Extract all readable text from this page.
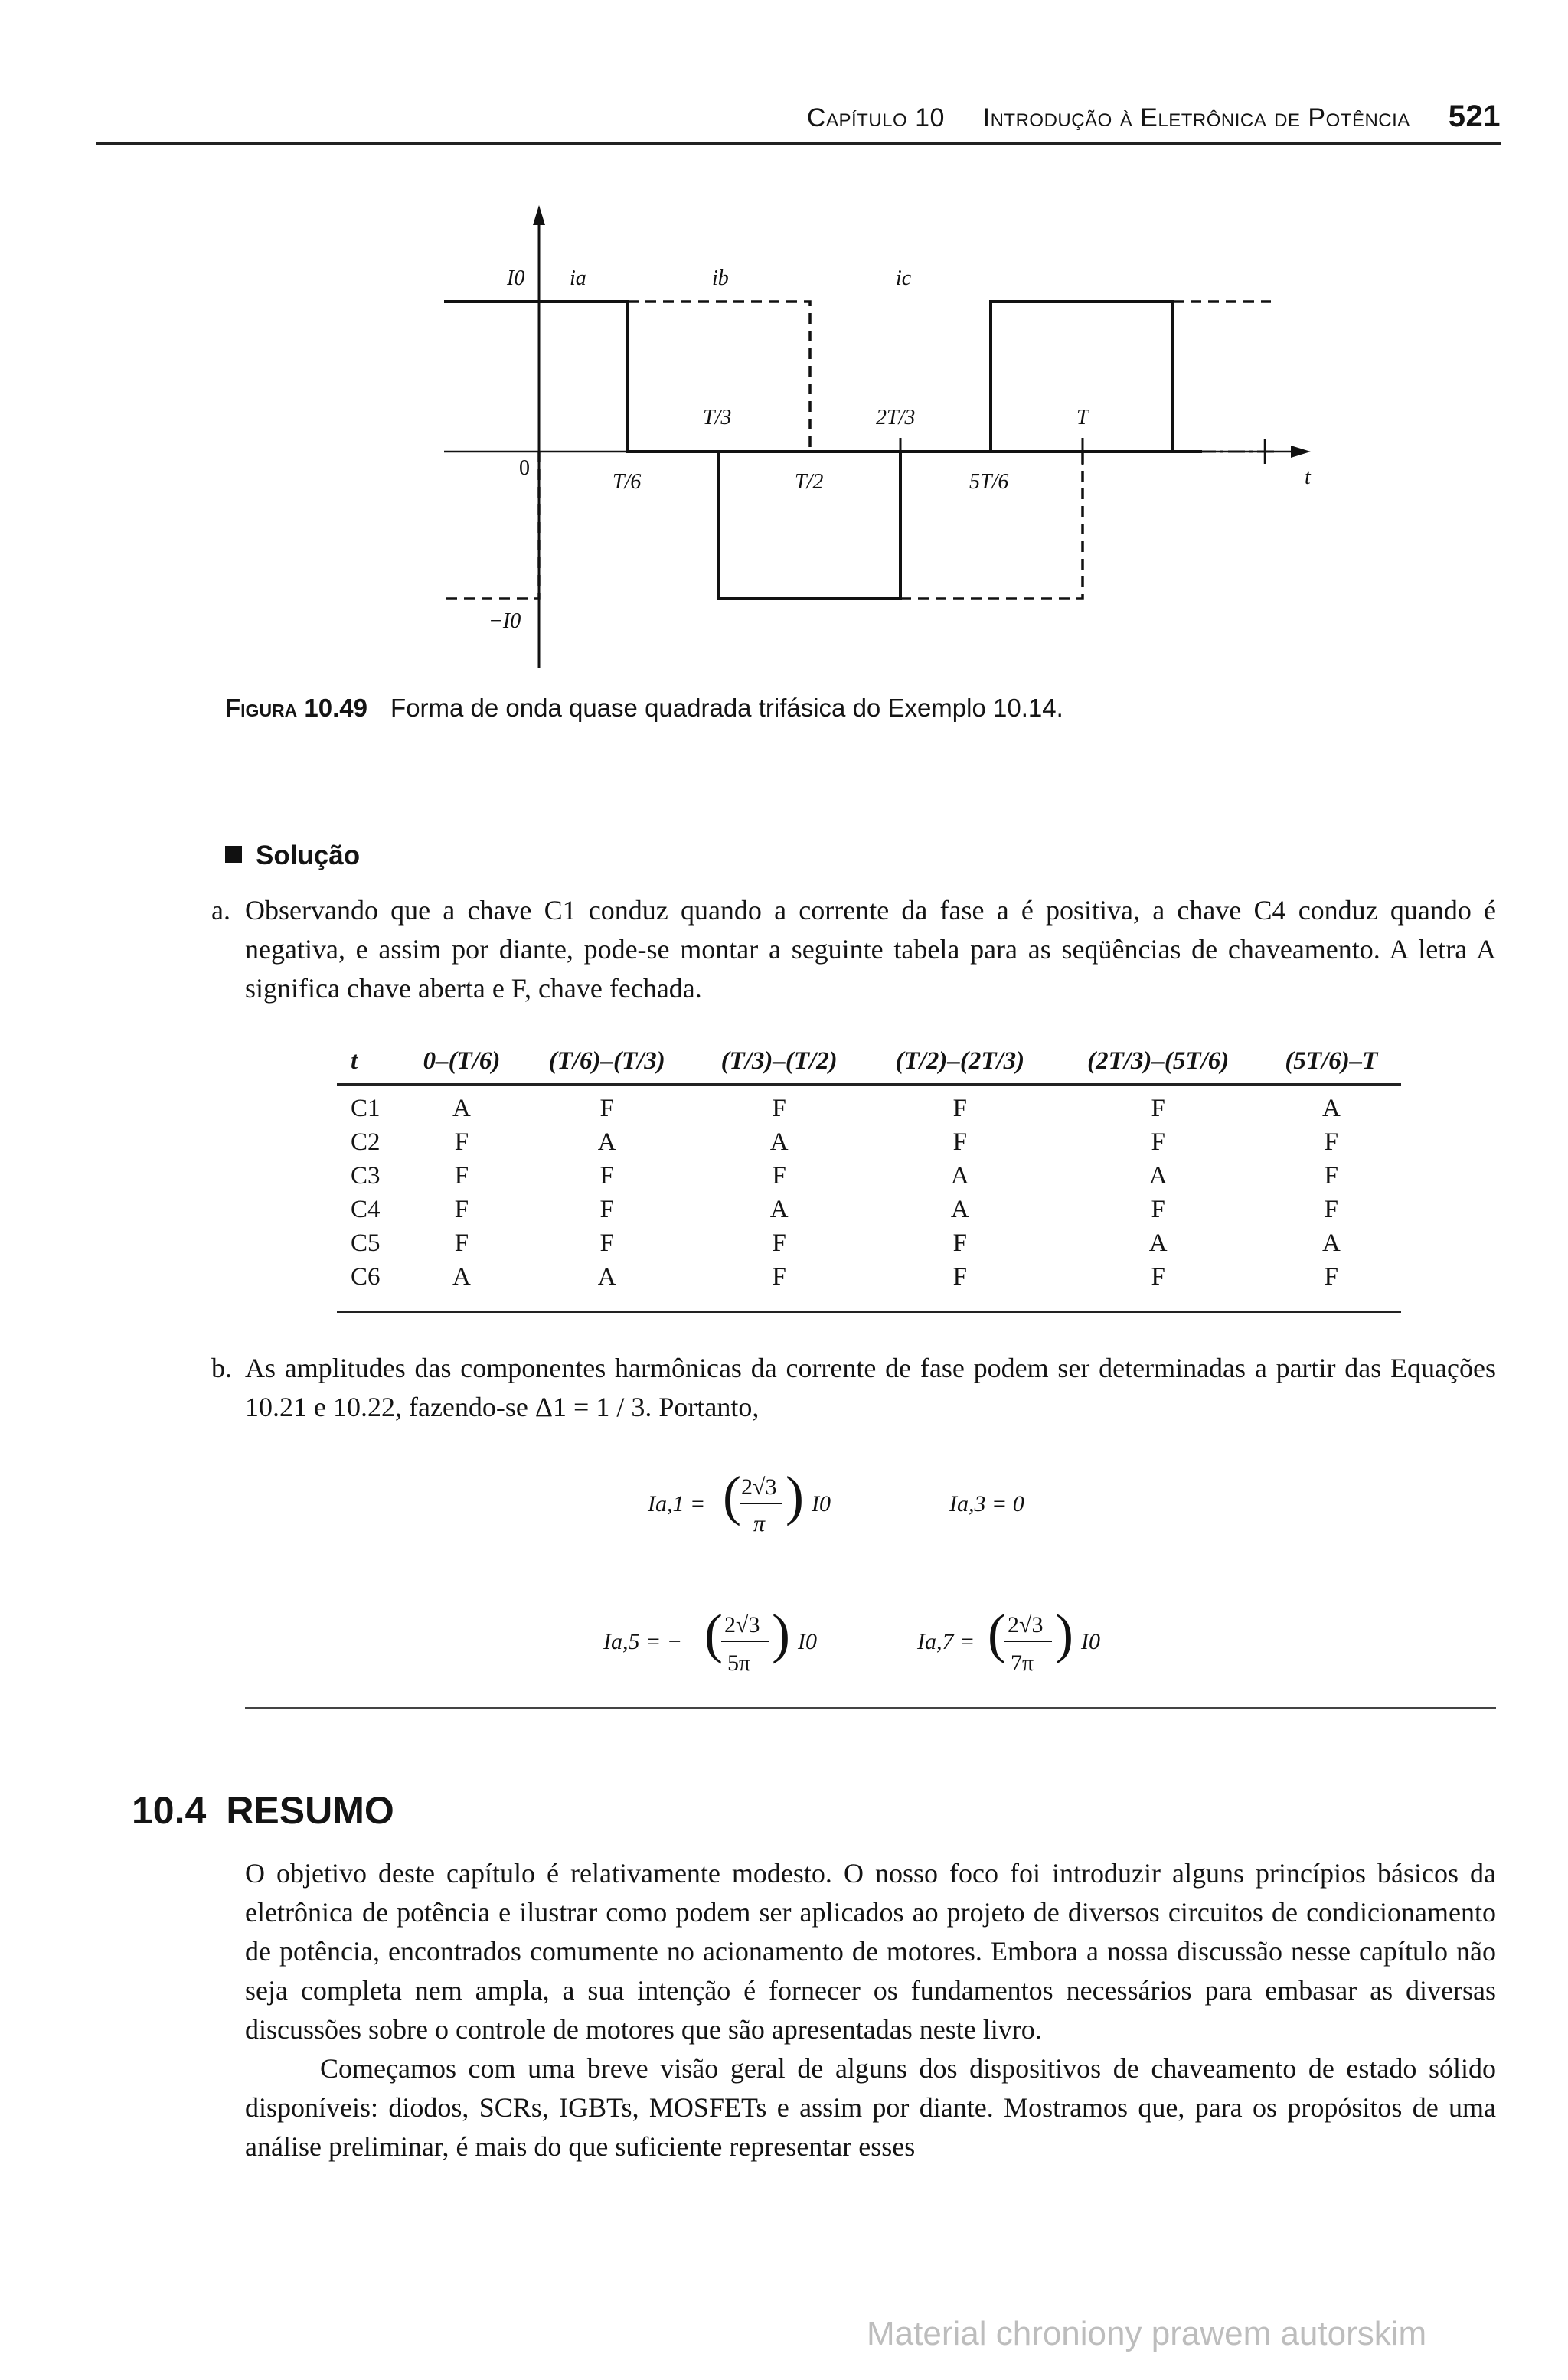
Capítulo 10 Introdução à Eletrônica de Potência 521
I0 ia	ib	ic
0	t
T/6
T/3
T/2
2T/3
5T/6
T
−I0
Figura 10.49 Forma de onda quase quadrada trifásica do Exemplo 10.14.
Solução
a. Observando que a chave C1 conduz quando a corrente da fase a é positiva, a chave C4 conduz quando é negativa, e assim por diante, pode-se montar a seguinte tabela para as seqüências de chaveamento. A letra A significa chave aberta e F, chave fechada.
t	0–(T/6)	(T/6)–(T/3)	(T/3)–(T/2)	(T/2)–(2T/3)	(2T/3)–(5T/6)	(5T/6)–T
C1	A	F	F	F	F	A
C2	F	A	A	F	F	F
C3	F	F	F	A	A	F
C4	F	F	A	A	F	F
C5	F	F	F	F	A	A
C6	A	A	F	F	F	F
b. As amplitudes das componentes harmônicas da corrente de fase podem ser determinadas a partir das Equações 10.21 e 10.22, fazendo-se Δ1 = 1 / 3. Portanto,
Ia,1 = ( )
2√3
π
I0	Ia,3 = 0
Ia,5 = − ( )
2√3
5π
I0	Ia,7 = ( )
2√3
7π
I0
10.4 RESUMO
O objetivo deste capítulo é relativamente modesto. O nosso foco foi introduzir alguns princípios básicos da eletrônica de potência e ilustrar como podem ser aplicados ao projeto de diversos circuitos de condicionamento de potência, encontrados comumente no acionamento de motores. Embora a nossa discussão nesse capítulo não seja completa nem ampla, a sua intenção é fornecer os fundamentos necessários para embasar as diversas discussões sobre o controle de motores que são apresentadas neste livro.
Começamos com uma breve visão geral de alguns dos dispositivos de chaveamento de estado sólido disponíveis: diodos, SCRs, IGBTs, MOSFETs e assim por diante. Mostramos que, para os propósitos de uma análise preliminar, é mais do que suficiente representar esses
Material chroniony prawem autorskim
